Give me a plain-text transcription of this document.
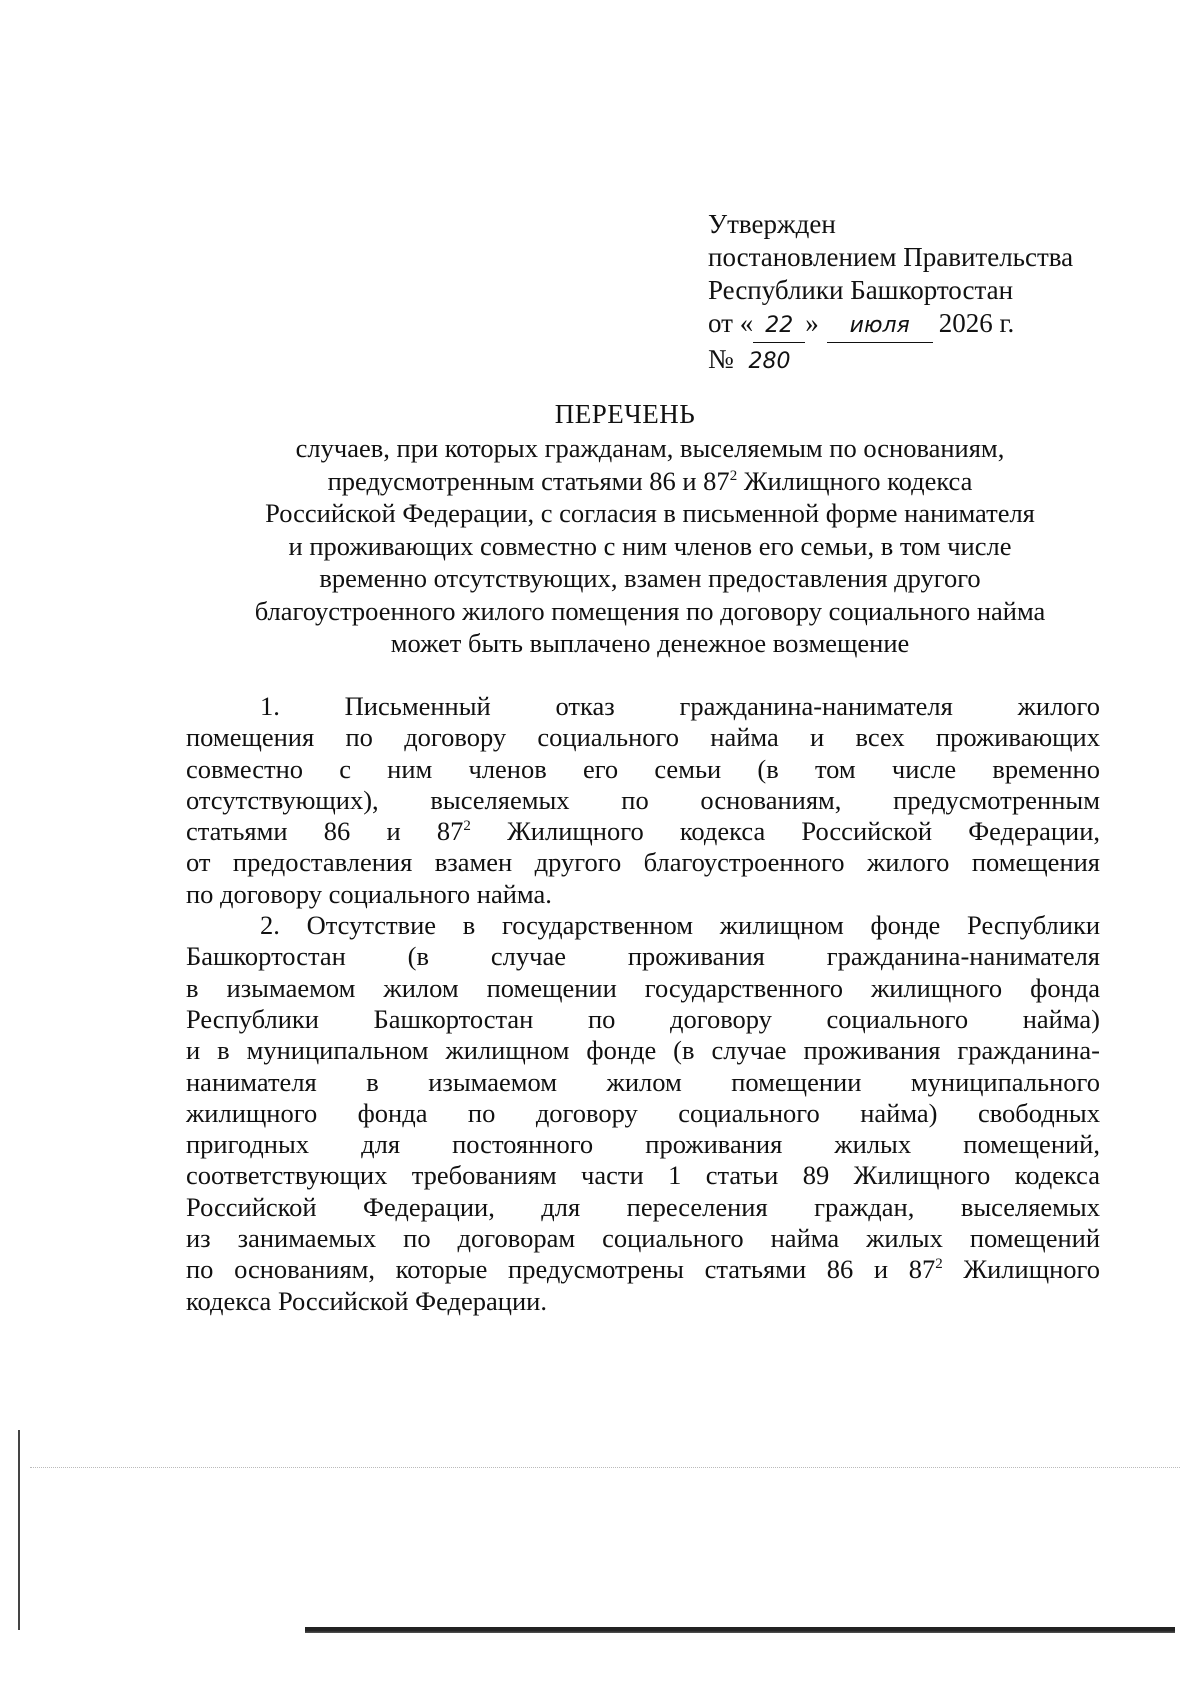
Утвержден
постановлением Правительства
Республики Башкортостан
от « 22 » июля 2026 г.
№ 280
ПЕРЕЧЕНЬ
случаев, при которых гражданам, выселяемым по основаниям,
предусмотренным статьями 86 и $87^2$ Жилищного кодекса
Российской Федерации, с согласия в письменной форме нанимателя
и проживающих совместно с ним членов его семьи, в том числе
временно отсутствующих, взамен предоставления другого
благоустроенного жилого помещения по договору социального найма
может быть выплачено денежное возмещение

1. Письменный отказ гражданина-нанимателя жилого
помещения по договору социального найма и всех проживающих
совместно с ним членов его семьи (в том числе временно
отсутствующих), выселяемых по основаниям, предусмотренным
статьями 86 и $87^2$ Жилищного кодекса Российской Федерации,
от предоставления взамен другого благоустроенного жилого помещения
по договору социального найма.

2. Отсутствие в государственном жилищном фонде Республики
Башкортостан (в случае проживания гражданина-нанимателя
в изымаемом жилом помещении государственного жилищного фонда
Республики Башкортостан по договору социального найма)
и в муниципальном жилищном фонде (в случае проживания гражданина-
нанимателя в изымаемом жилом помещении муниципального
жилищного фонда по договору социального найма) свободных
пригодных для постоянного проживания жилых помещений,
соответствующих требованиям части 1 статьи 89 Жилищного кодекса
Российской Федерации, для переселения граждан, выселяемых
из занимаемых по договорам социального найма жилых помещений
по основаниям, которые предусмотрены статьями 86 и $87^2$ Жилищного
кодекса Российской Федерации.
